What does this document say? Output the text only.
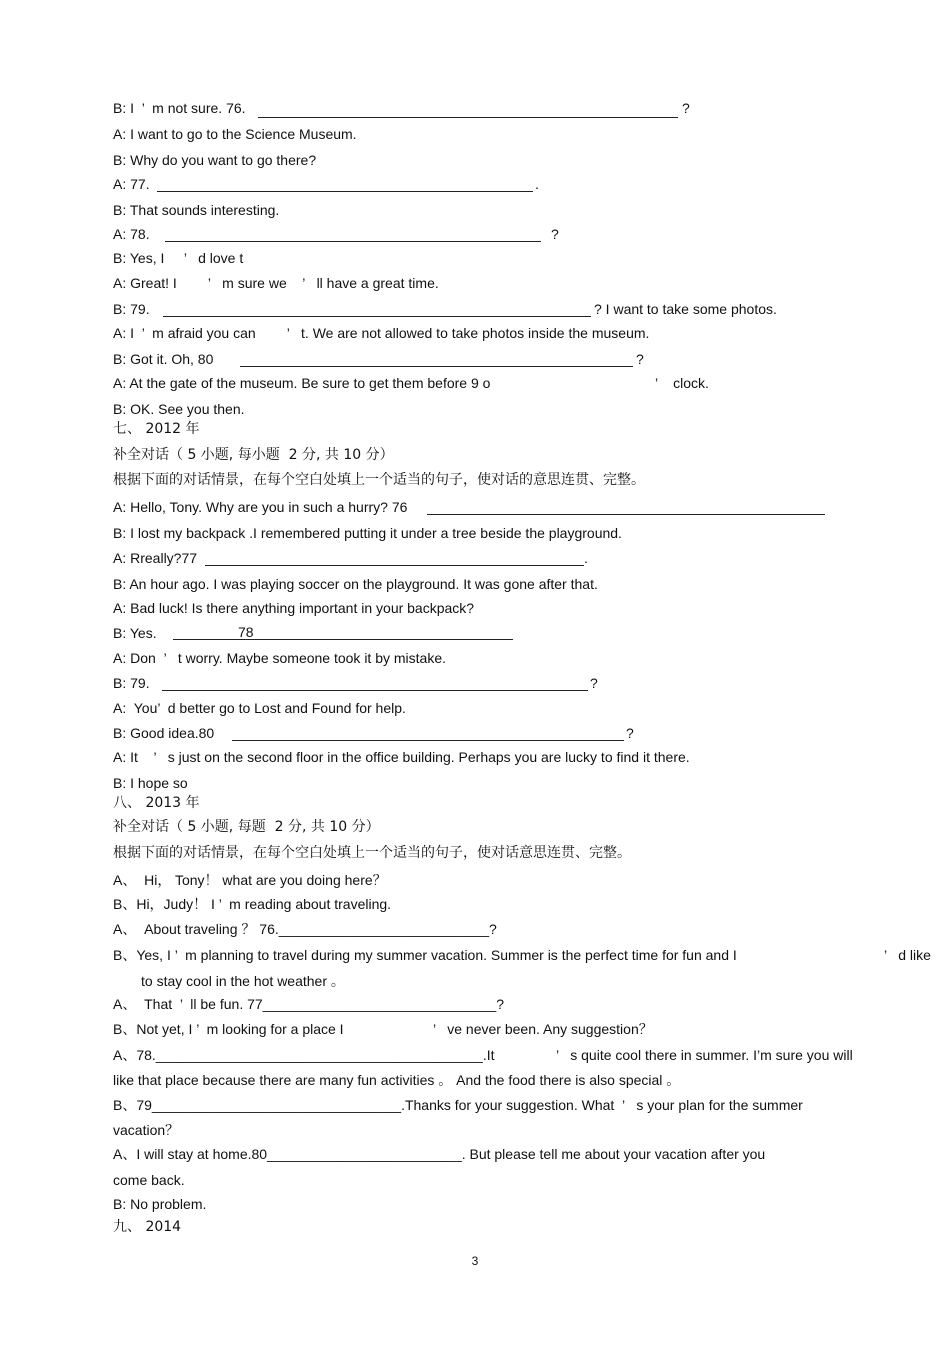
B: I  ’  m not sure. 76.	?
A: I want to go to the Science Museum.
B: Why do you want to go there?
A: 77.	.
B: That sounds interesting.
A: 78.	?
B: Yes, I     ’   d love t
A: Great! I        ’   m sure we    ’   ll have a great time.
B: 79.	? I want to take some photos.
A: I  ’  m afraid you can        ’   t. We are not allowed to take photos inside the museum.
B: Got it. Oh, 80	?
A: At the gate of the museum. Be sure to get them before 9 o	’    clock.
B: OK. See you then.
七、 2012 年
补全对话（ 5 小题, 每小题  2 分, 共 10 分）
根据下面的对话情景，在每个空白处填上一个适当的句子，使对话的意思连贯、完整。
A: Hello, Tony. Why are you in such a hurry? 76
B: I lost my backpack .I remembered putting it under a tree beside the playground.
A: Rreally?77	.
B: An hour ago. I was playing soccer on the playground. It was gone after that.
A: Bad luck! Is there anything important in your backpack?
B: Yes.	78
A: Don  ’   t worry. Maybe someone took it by mistake.
B: 79.	?
A:  You’  d better go to Lost and Found for help.
B: Good idea.80	?
A: It    ’   s just on the second floor in the office building. Perhaps you are lucky to find it there.
B: I hope so
八、 2013 年
补全对话（ 5 小题, 每题  2 分, 共 10 分）
根据下面的对话情景，在每个空白处填上一个适当的句子，使对话意思连贯、完整。
A、  Hi， Tony！ what are you doing here？
B、Hi，Judy！ I ’  m reading about traveling.
A、  About traveling ？ 76.___________________________?
B、Yes, I ’  m planning to travel during my summer vacation. Summer is the perfect time for fun and I	’   d like
to stay cool in the hot weather 。
A、  That  ’  ll be fun. 77______________________________?
B、Not yet, I ’  m looking for a place I	’   ve never been. Any suggestion？
A、78.__________________________________________.It	’   s quite cool there in summer. I’m sure you will
like that place because there are many fun activities 。 And the food there is also special 。
B、79________________________________.Thanks for your suggestion. What  ’   s your plan for the summer
vacation？
A、I will stay at home.80_________________________. But please tell me about your vacation after you
come back.
B: No problem.
九、 2014
3
